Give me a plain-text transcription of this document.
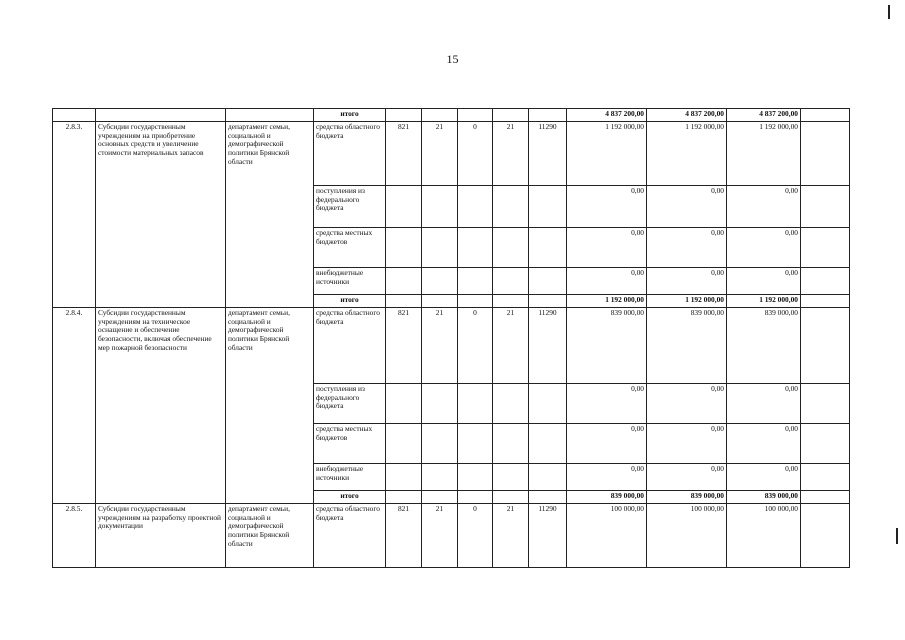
15
			итого						4 837 200,00	4 837 200,00	4 837 200,00	
2.8.3.	Субсидии государственным учреждениям на приобретение основных средств и увеличение стоимости материальных запасов	департамент семьи, социальной и демографической политики Брянской области	средства областного бюджета	821	21	0	21	11290	1 192 000,00	1 192 000,00	1 192 000,00	
			поступления из федерального бюджета						0,00	0,00	0,00	
			средства местных бюджетов						0,00	0,00	0,00	
			внебюджетные источники						0,00	0,00	0,00	
			итого						1 192 000,00	1 192 000,00	1 192 000,00	
2.8.4.	Субсидии государственным учреждениям на техническое оснащение и обеспечение безопасности, включая обеспечение мер пожарной безопасности	департамент семьи, социальной и демографической политики Брянской области	средства областного бюджета	821	21	0	21	11290	839 000,00	839 000,00	839 000,00	
			поступления из федерального бюджета						0,00	0,00	0,00	
			средства местных бюджетов						0,00	0,00	0,00	
			внебюджетные источники						0,00	0,00	0,00	
			итого						839 000,00	839 000,00	839 000,00	
2.8.5.	Субсидии государственным учреждениям на разработку проектной документации	департамент семьи, социальной и демографической политики Брянской области	средства областного бюджета	821	21	0	21	11290	100 000,00	100 000,00	100 000,00	
